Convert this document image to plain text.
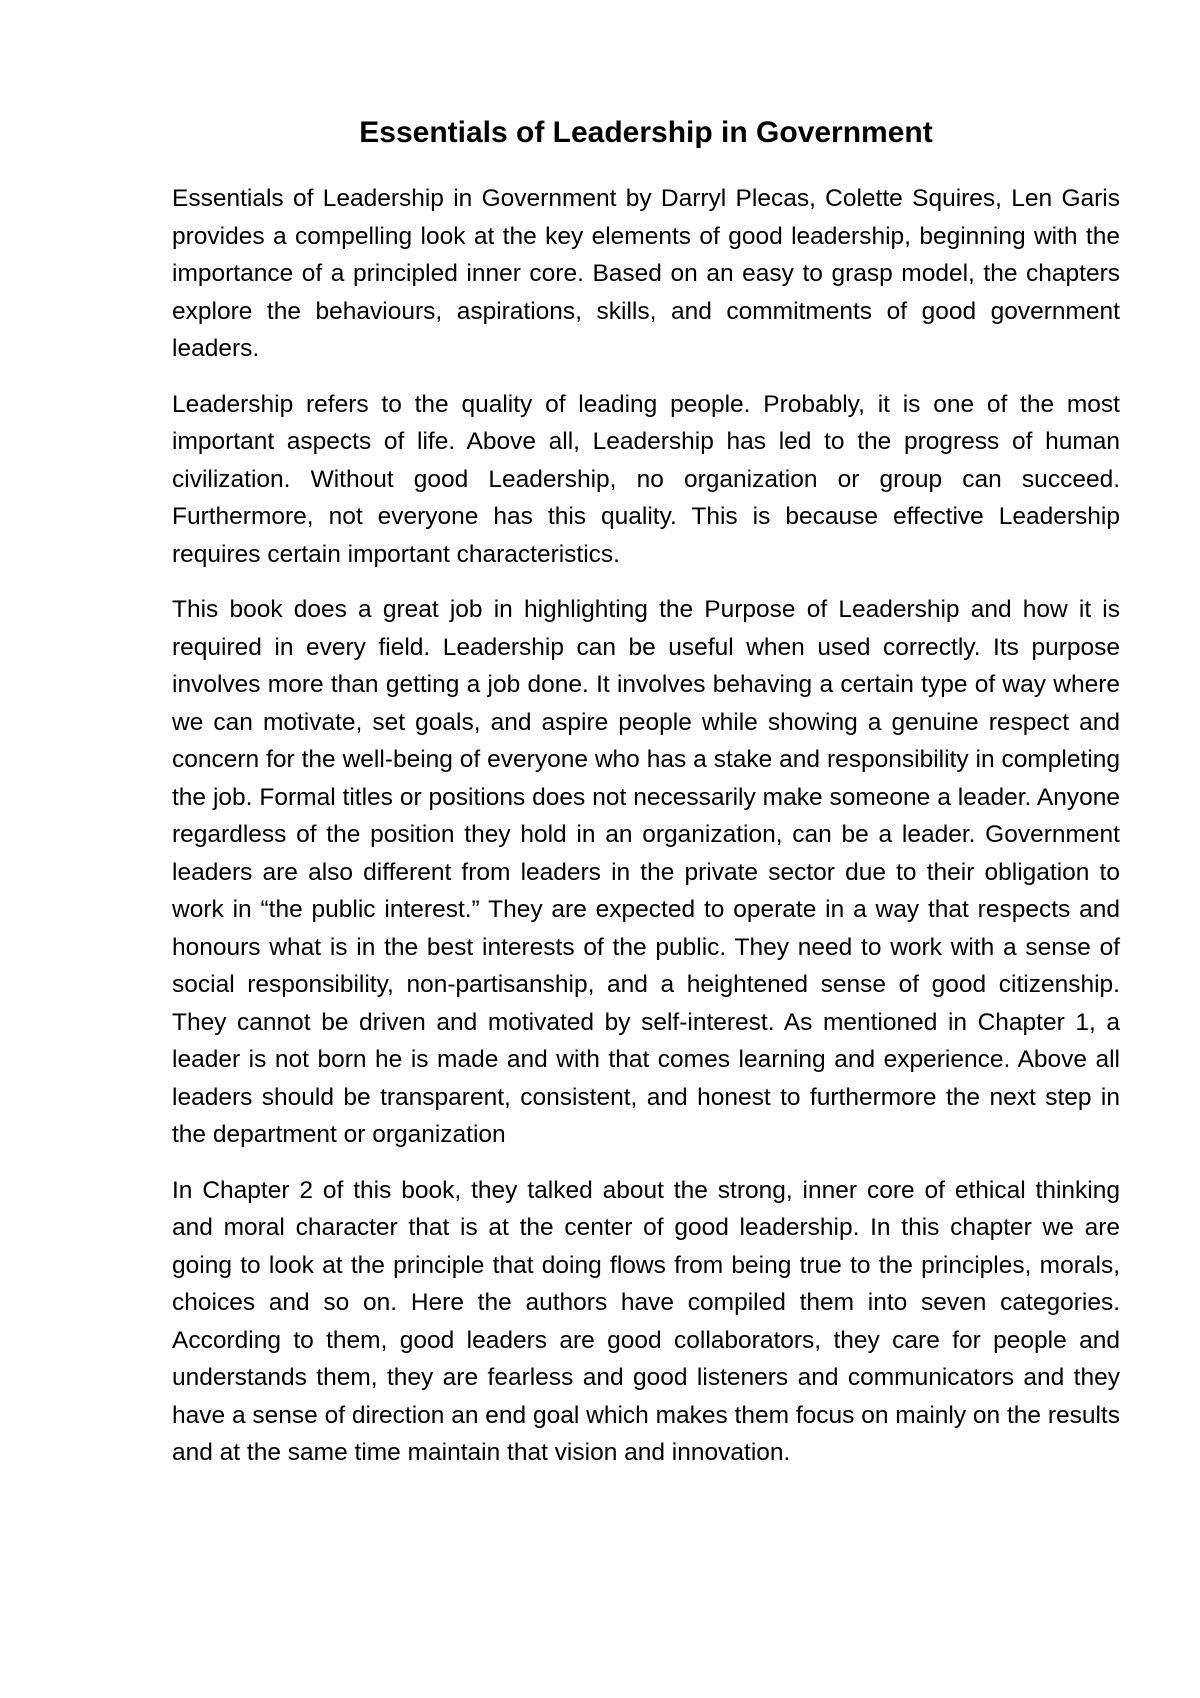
Essentials of Leadership in Government

Essentials of Leadership in Government by Darryl Plecas, Colette Squires, Len Garis provides a compelling look at the key elements of good leadership, beginning with the importance of a principled inner core. Based on an easy to grasp model, the chapters explore the behaviours, aspirations, skills, and commitments of good government leaders.

Leadership refers to the quality of leading people. Probably, it is one of the most important aspects of life. Above all, Leadership has led to the progress of human civilization. Without good Leadership, no organization or group can succeed. Furthermore, not everyone has this quality. This is because effective Leadership requires certain important characteristics.

This book does a great job in highlighting the Purpose of Leadership and how it is required in every field. Leadership can be useful when used correctly. Its purpose involves more than getting a job done. It involves behaving a certain type of way where we can motivate, set goals, and aspire people while showing a genuine respect and concern for the well-being of everyone who has a stake and responsibility in completing the job. Formal titles or positions does not necessarily make someone a leader. Anyone regardless of the position they hold in an organization, can be a leader. Government leaders are also different from leaders in the private sector due to their obligation to work in “the public interest.” They are expected to operate in a way that respects and honours what is in the best interests of the public. They need to work with a sense of social responsibility, non-partisanship, and a heightened sense of good citizenship. They cannot be driven and motivated by self-interest. As mentioned in Chapter 1, a leader is not born he is made and with that comes learning and experience. Above all leaders should be transparent, consistent, and honest to furthermore the next step in the department or organization

In Chapter 2 of this book, they talked about the strong, inner core of ethical thinking and moral character that is at the center of good leadership. In this chapter we are going to look at the principle that doing flows from being true to the principles, morals, choices and so on. Here the authors have compiled them into seven categories. According to them, good leaders are good collaborators, they care for people and understands them, they are fearless and good listeners and communicators and they have a sense of direction an end goal which makes them focus on mainly on the results and at the same time maintain that vision and innovation.
